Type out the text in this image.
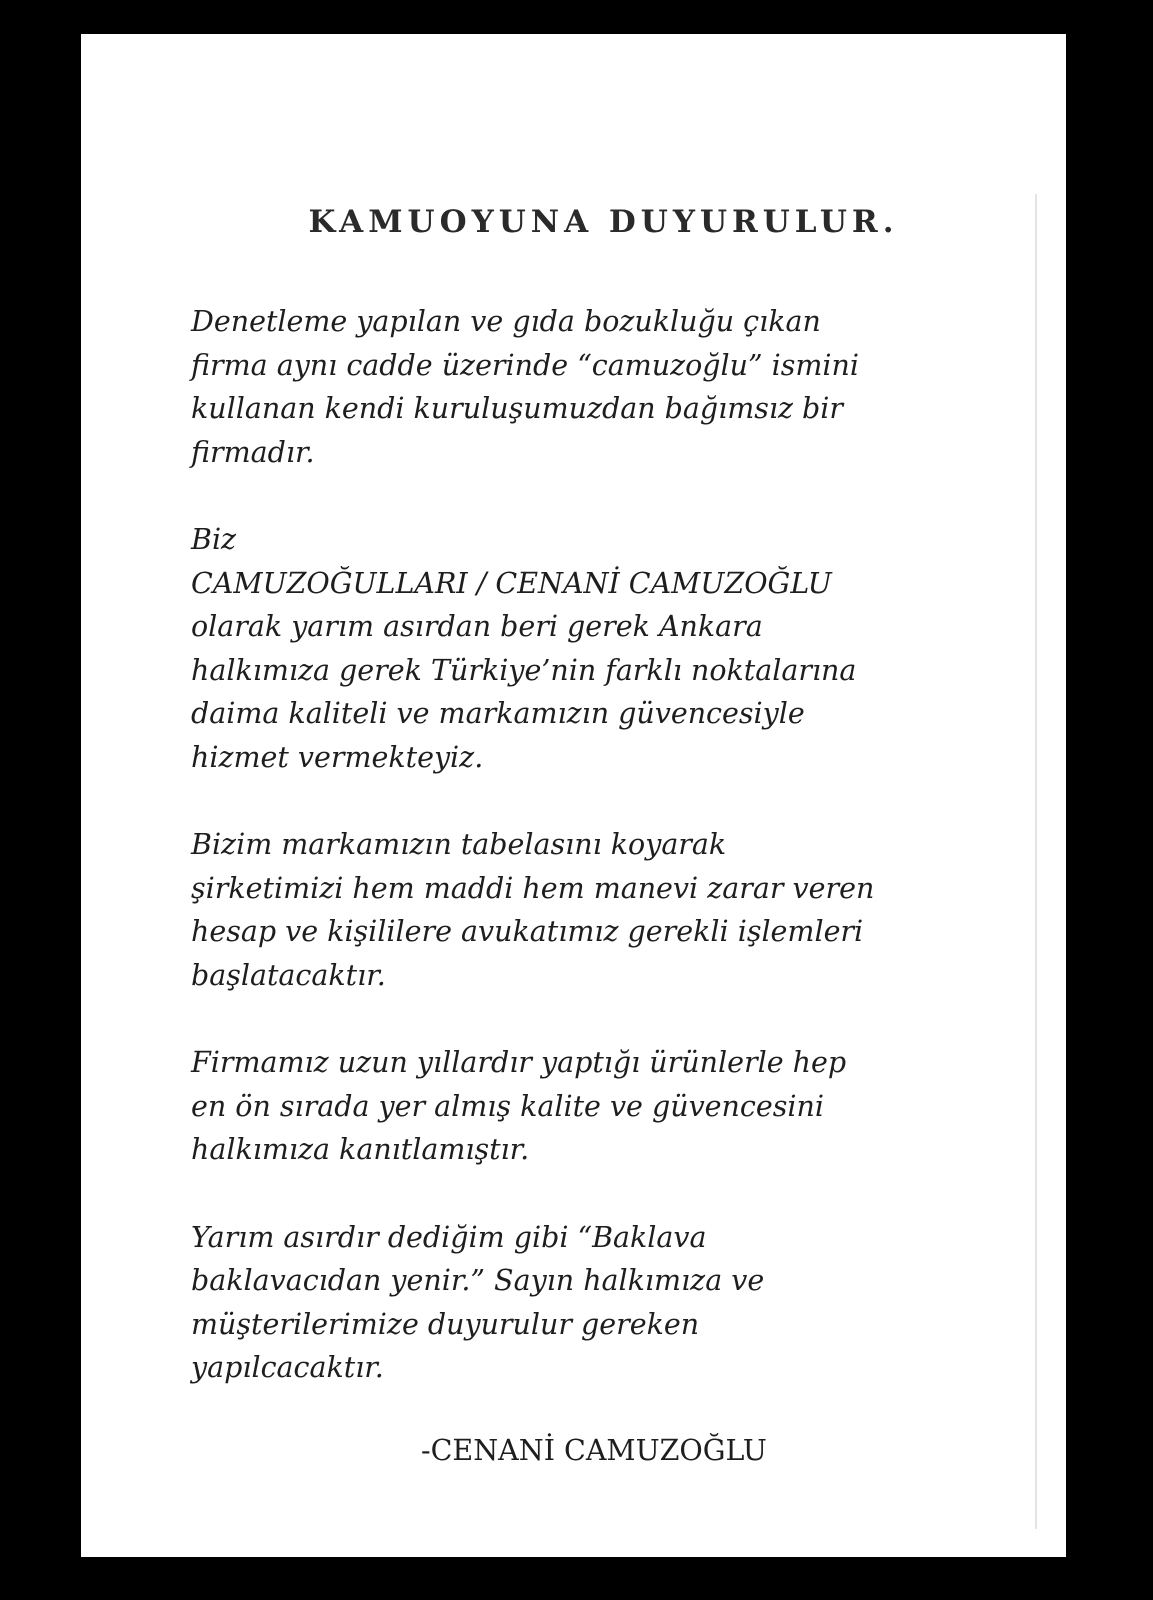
KAMUOYUNA DUYURULUR.

Denetleme yapılan ve gıda bozukluğu çıkan
firma aynı cadde üzerinde “camuzoğlu” ismini
kullanan kendi kuruluşumuzdan bağımsız bir
firmadır.

Biz
CAMUZOĞULLARI / CENANİ CAMUZOĞLU
olarak yarım asırdan beri gerek Ankara
halkımıza gerek Türkiye’nin farklı noktalarına
daima kaliteli ve markamızın güvencesiyle
hizmet vermekteyiz.

Bizim markamızın tabelasını koyarak
şirketimizi hem maddi hem manevi zarar veren
hesap ve kişililere avukatımız gerekli işlemleri
başlatacaktır.

Firmamız uzun yıllardır yaptığı ürünlerle hep
en ön sırada yer almış kalite ve güvencesini
halkımıza kanıtlamıştır.

Yarım asırdır dediğim gibi “Baklava
baklavacıdan yenir.” Sayın halkımıza ve
müşterilerimize duyurulur gereken
yapılcacaktır.

-CENANİ CAMUZOĞLU
